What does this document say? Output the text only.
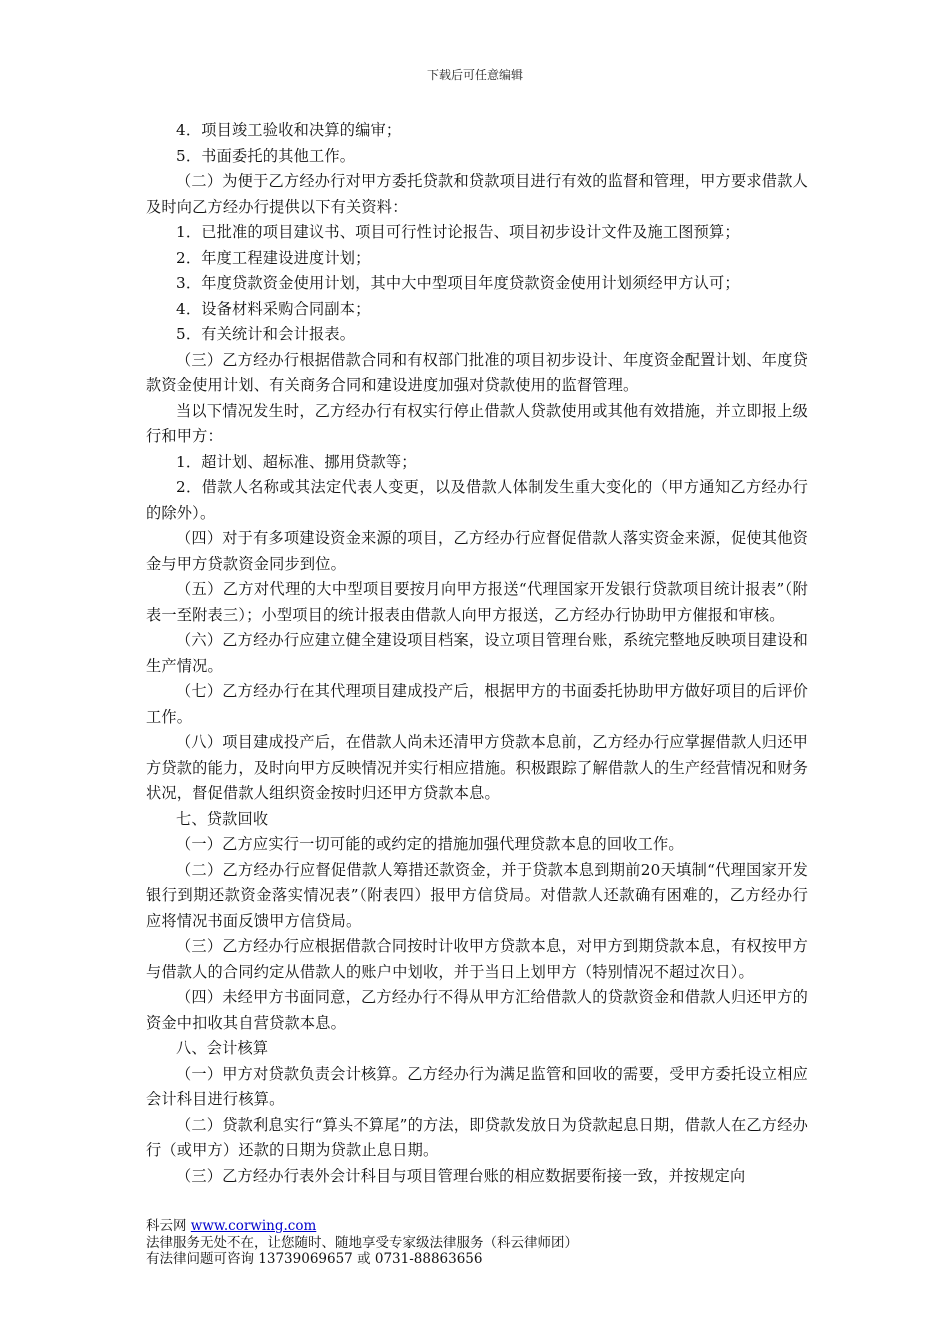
下载后可任意编辑

4．项目竣工验收和决算的编审；

5．书面委托的其他工作。

（二）为便于乙方经办行对甲方委托贷款和贷款项目进行有效的监督和管理，甲方要求借款人及时向乙方经办行提供以下有关资料：

1．已批准的项目建议书、项目可行性讨论报告、项目初步设计文件及施工图预算；

2．年度工程建设进度计划；

3．年度贷款资金使用计划，其中大中型项目年度贷款资金使用计划须经甲方认可；

4．设备材料采购合同副本；

5．有关统计和会计报表。

（三）乙方经办行根据借款合同和有权部门批准的项目初步设计、年度资金配置计划、年度贷款资金使用计划、有关商务合同和建设进度加强对贷款使用的监督管理。

当以下情况发生时，乙方经办行有权实行停止借款人贷款使用或其他有效措施，并立即报上级行和甲方：

1．超计划、超标准、挪用贷款等；

2．借款人名称或其法定代表人变更，以及借款人体制发生重大变化的（甲方通知乙方经办行的除外）。

（四）对于有多项建设资金来源的项目，乙方经办行应督促借款人落实资金来源，促使其他资金与甲方贷款资金同步到位。

（五）乙方对代理的大中型项目要按月向甲方报送“代理国家开发银行贷款项目统计报表”（附表一至附表三）；小型项目的统计报表由借款人向甲方报送，乙方经办行协助甲方催报和审核。

（六）乙方经办行应建立健全建设项目档案，设立项目管理台账，系统完整地反映项目建设和生产情况。

（七）乙方经办行在其代理项目建成投产后，根据甲方的书面委托协助甲方做好项目的后评价工作。

（八）项目建成投产后，在借款人尚未还清甲方贷款本息前，乙方经办行应掌握借款人归还甲方贷款的能力，及时向甲方反映情况并实行相应措施。积极跟踪了解借款人的生产经营情况和财务状况，督促借款人组织资金按时归还甲方贷款本息。

七、贷款回收

（一）乙方应实行一切可能的或约定的措施加强代理贷款本息的回收工作。

（二）乙方经办行应督促借款人筹措还款资金，并于贷款本息到期前20天填制“代理国家开发银行到期还款资金落实情况表”（附表四）报甲方信贷局。对借款人还款确有困难的，乙方经办行应将情况书面反馈甲方信贷局。

（三）乙方经办行应根据借款合同按时计收甲方贷款本息，对甲方到期贷款本息，有权按甲方与借款人的合同约定从借款人的账户中划收，并于当日上划甲方（特别情况不超过次日）。

（四）未经甲方书面同意，乙方经办行不得从甲方汇给借款人的贷款资金和借款人归还甲方的资金中扣收其自营贷款本息。

八、会计核算

（一）甲方对贷款负责会计核算。乙方经办行为满足监管和回收的需要，受甲方委托设立相应会计科目进行核算。

（二）贷款利息实行“算头不算尾”的方法，即贷款发放日为贷款起息日期，借款人在乙方经办行（或甲方）还款的日期为贷款止息日期。

（三）乙方经办行表外会计科目与项目管理台账的相应数据要衔接一致，并按规定向

科云网 www.corwing.com
法律服务无处不在，让您随时、随地享受专家级法律服务（科云律师团）
有法律问题可咨询 13739069657 或 0731-88863656
